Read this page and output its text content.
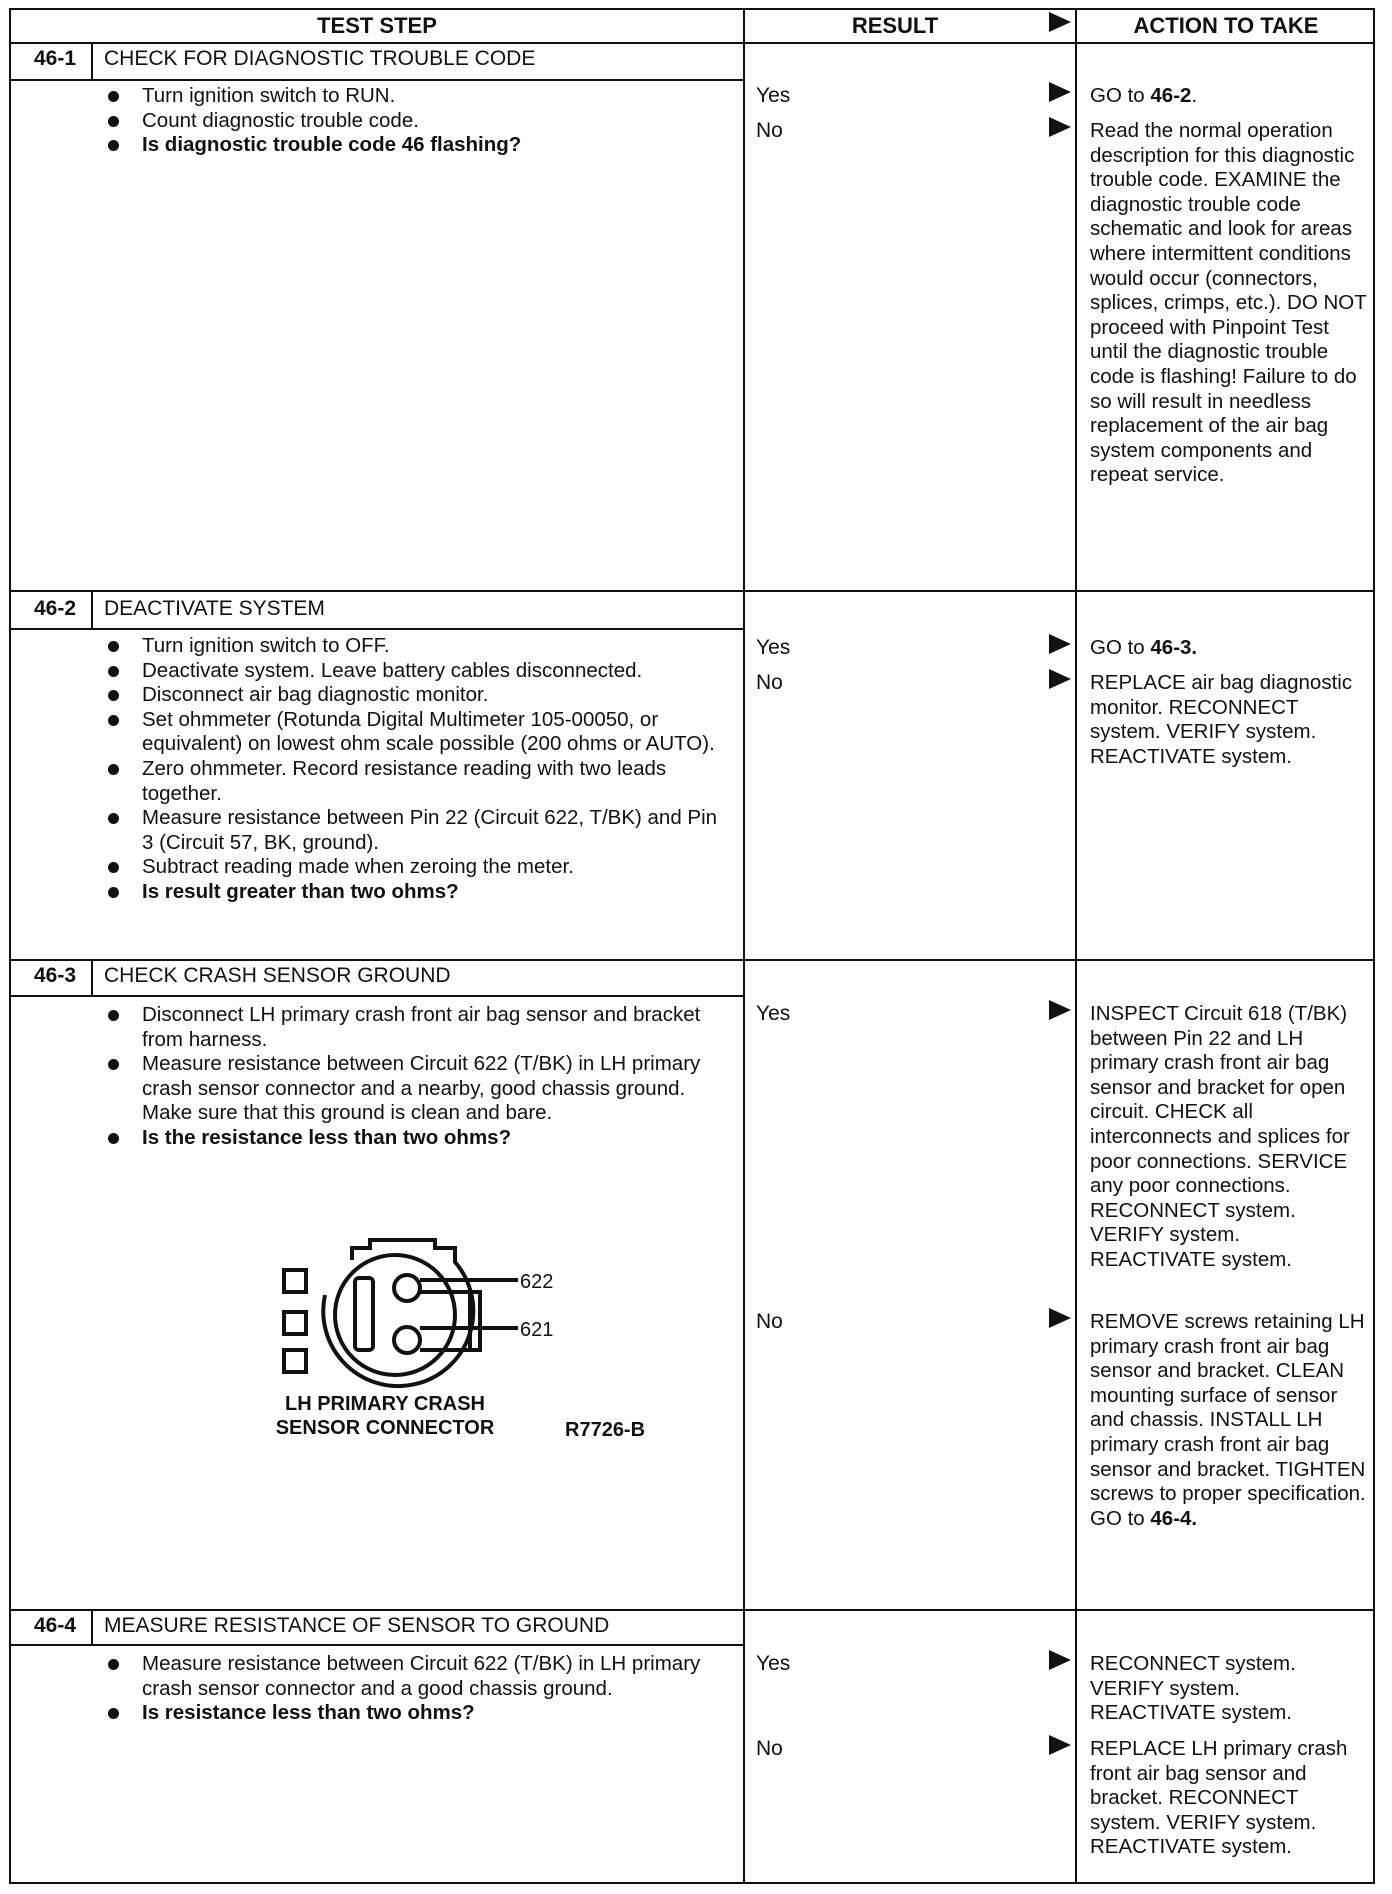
TEST STEP	RESULT	ACTION TO TAKE
46-1	CHECK FOR DIAGNOSTIC TROUBLE CODE
Turn ignition switch to RUN.
Count diagnostic trouble code.
Is diagnostic trouble code 46 flashing?
Yes	GO to 46-2.
No	Read the normal operation description for this diagnostic trouble code. EXAMINE the diagnostic trouble code schematic and look for areas where intermittent conditions would occur (connectors, splices, crimps, etc.). DO NOT proceed with Pinpoint Test until the diagnostic trouble code is flashing! Failure to do so will result in needless replacement of the air bag system components and repeat service.
46-2	DEACTIVATE SYSTEM
Turn ignition switch to OFF.
Deactivate system. Leave battery cables disconnected.
Disconnect air bag diagnostic monitor.
Set ohmmeter (Rotunda Digital Multimeter 105-00050, or equivalent) on lowest ohm scale possible (200 ohms or AUTO).
Zero ohmmeter. Record resistance reading with two leads together.
Measure resistance between Pin 22 (Circuit 622, T/BK) and Pin 3 (Circuit 57, BK, ground).
Subtract reading made when zeroing the meter.
Is result greater than two ohms?
Yes	GO to 46-3.
No	REPLACE air bag diagnostic monitor. RECONNECT system. VERIFY system. REACTIVATE system.
46-3	CHECK CRASH SENSOR GROUND
Disconnect LH primary crash front air bag sensor and bracket from harness.
Measure resistance between Circuit 622 (T/BK) in LH primary crash sensor connector and a nearby, good chassis ground. Make sure that this ground is clean and bare.
Is the resistance less than two ohms?
622
621
LH PRIMARY CRASH
SENSOR CONNECTOR	R7726-B
Yes	INSPECT Circuit 618 (T/BK) between Pin 22 and LH primary crash front air bag sensor and bracket for open circuit. CHECK all interconnects and splices for poor connections. SERVICE any poor connections. RECONNECT system. VERIFY system. REACTIVATE system.
No	REMOVE screws retaining LH primary crash front air bag sensor and bracket. CLEAN mounting surface of sensor and chassis. INSTALL LH primary crash front air bag sensor and bracket. TIGHTEN screws to proper specification. GO to 46-4.
46-4	MEASURE RESISTANCE OF SENSOR TO GROUND
Measure resistance between Circuit 622 (T/BK) in LH primary crash sensor connector and a good chassis ground.
Is resistance less than two ohms?
Yes	RECONNECT system. VERIFY system. REACTIVATE system.
No	REPLACE LH primary crash front air bag sensor and bracket. RECONNECT system. VERIFY system. REACTIVATE system.
